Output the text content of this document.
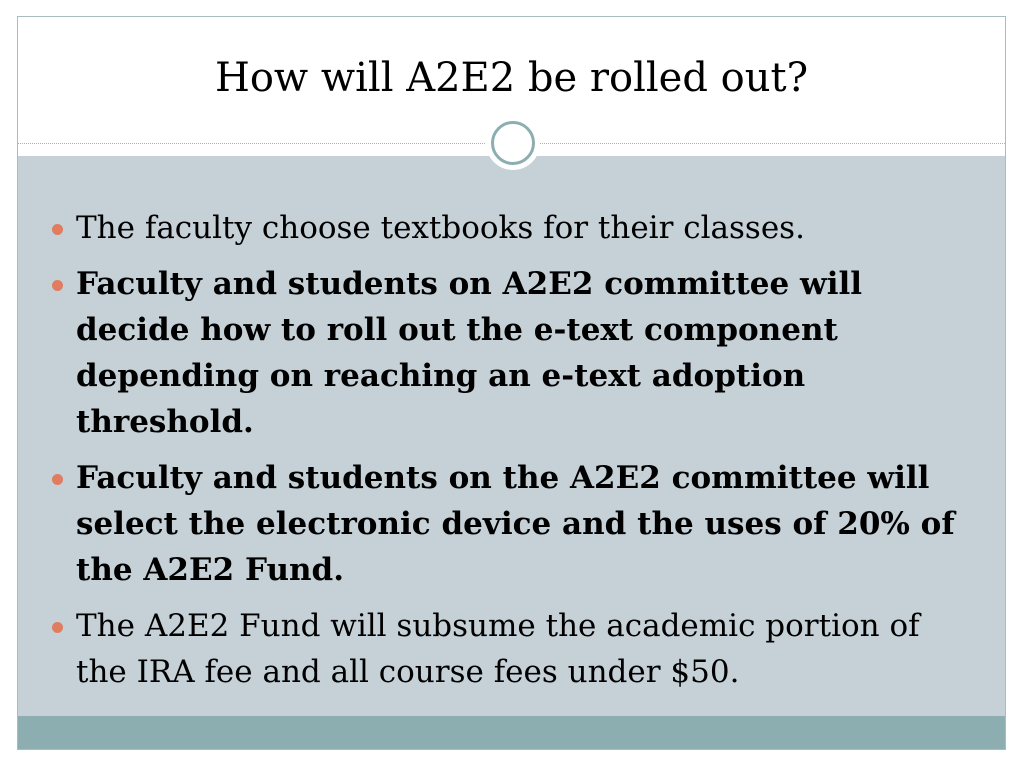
How will A2E2 be rolled out?
The faculty choose textbooks for their classes.
Faculty and students on A2E2 committee will decide how to roll out the e-text component depending on reaching an e-text adoption threshold.
Faculty and students on the A2E2 committee will select the electronic device and the uses of 20% of the A2E2 Fund.
The A2E2 Fund will subsume the academic portion of the IRA fee and all course fees under $50.
